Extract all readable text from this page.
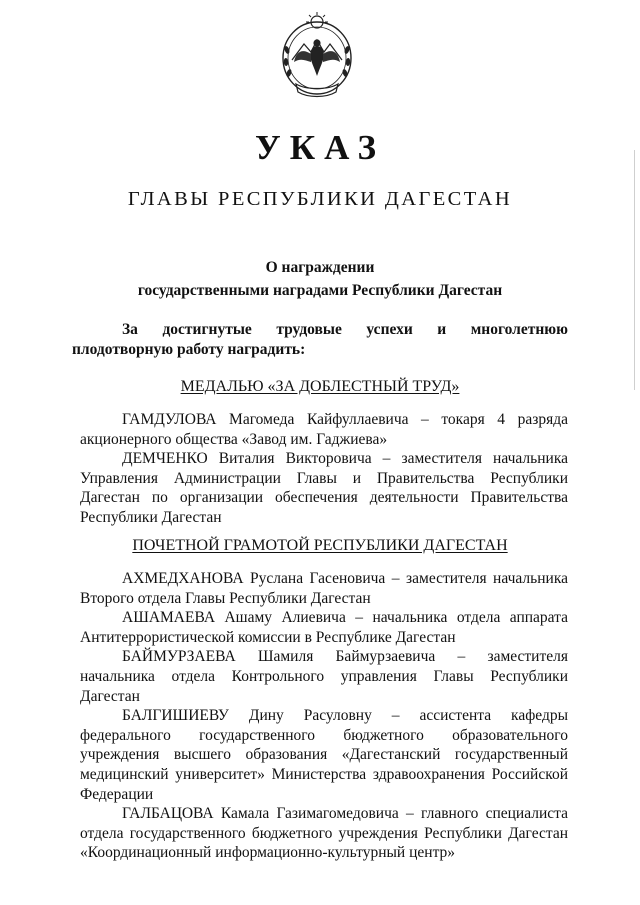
УКАЗ
ГЛАВЫ РЕСПУБЛИКИ ДАГЕСТАН
О награждении
государственными наградами Республики Дагестан
За достигнутые трудовые успехи и многолетнюю плодотворную работу наградить:
МЕДАЛЬЮ «ЗА ДОБЛЕСТНЫЙ ТРУД»
ГАМДУЛОВА Магомеда Кайфуллаевича – токаря 4 разряда акционерного общества «Завод им. Гаджиева»
ДЕМЧЕНКО Виталия Викторовича – заместителя начальника Управления Администрации Главы и Правительства Республики Дагестан по организации обеспечения деятельности Правительства Республики Дагестан
ПОЧЕТНОЙ ГРАМОТОЙ РЕСПУБЛИКИ ДАГЕСТАН
АХМЕДХАНОВА Руслана Гасеновича – заместителя начальника Второго отдела Главы Республики Дагестан
АШАМАЕВА Ашаму Алиевича – начальника отдела аппарата Антитеррористической комиссии в Республике Дагестан
БАЙМУРЗАЕВА Шамиля Баймурзаевича – заместителя начальника отдела Контрольного управления Главы Республики Дагестан
БАЛГИШИЕВУ Дину Расуловну – ассистента кафедры федерального государственного бюджетного образовательного учреждения высшего образования «Дагестанский государственный медицинский университет» Министерства здравоохранения Российской Федерации
ГАЛБАЦОВА Камала Газимагомедовича – главного специалиста отдела государственного бюджетного учреждения Республики Дагестан «Координационный информационно-культурный центр»
